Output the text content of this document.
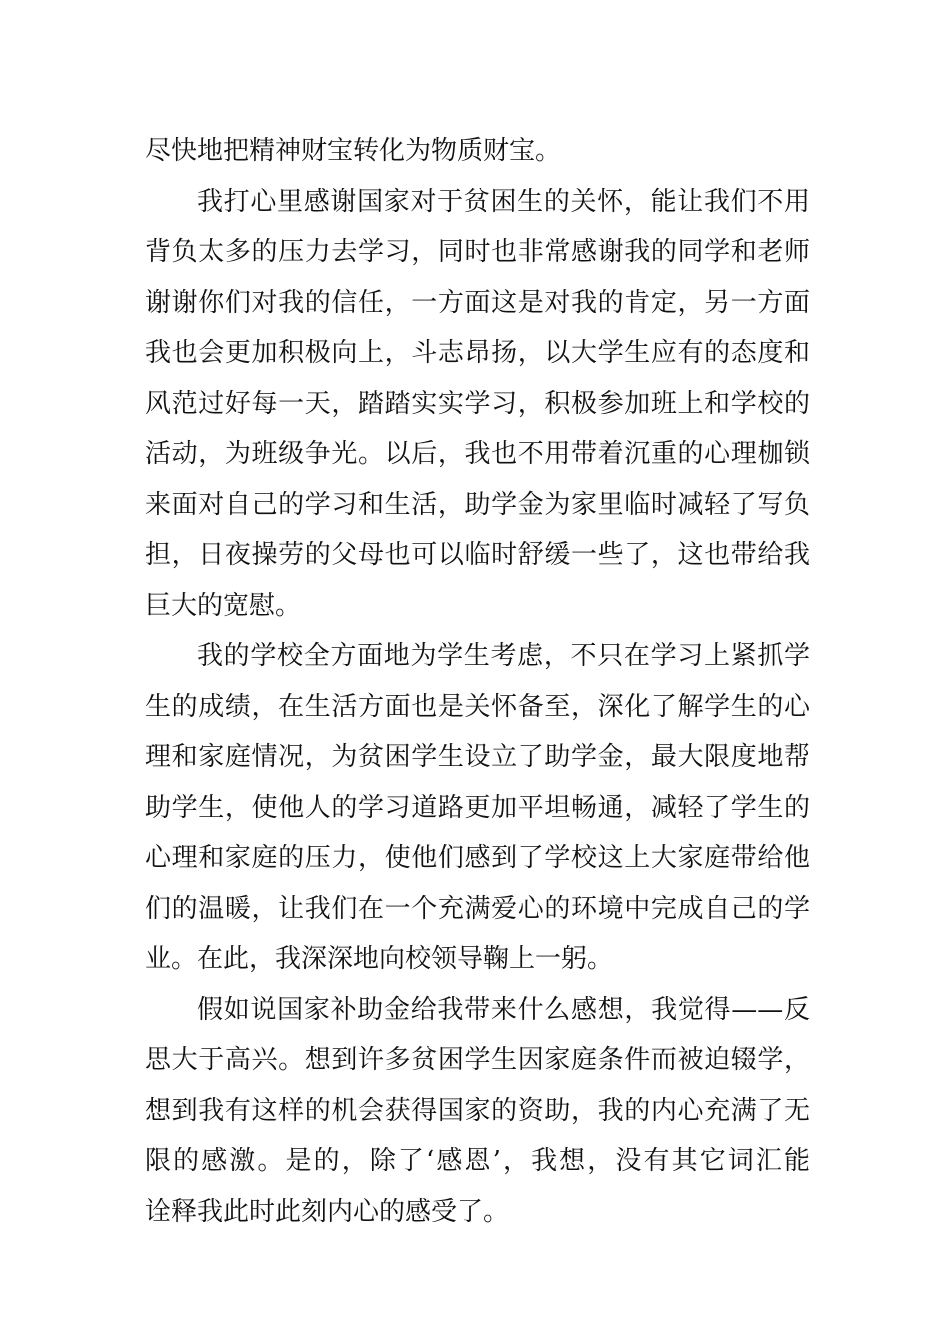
尽快地把精神财宝转化为物质财宝。
我打心里感谢国家对于贫困生的关怀，能让我们不用
背负太多的压力去学习，同时也非常感谢我的同学和老师
谢谢你们对我的信任，一方面这是对我的肯定，另一方面
我也会更加积极向上，斗志昂扬，以大学生应有的态度和
风范过好每一天，踏踏实实学习，积极参加班上和学校的
活动，为班级争光。以后，我也不用带着沉重的心理枷锁
来面对自己的学习和生活，助学金为家里临时减轻了写负
担，日夜操劳的父母也可以临时舒缓一些了，这也带给我
巨大的宽慰。
我的学校全方面地为学生考虑，不只在学习上紧抓学
生的成绩，在生活方面也是关怀备至，深化了解学生的心
理和家庭情况，为贫困学生设立了助学金，最大限度地帮
助学生，使他人的学习道路更加平坦畅通，减轻了学生的
心理和家庭的压力，使他们感到了学校这上大家庭带给他
们的温暖，让我们在一个充满爱心的环境中完成自己的学
业。在此，我深深地向校领导鞠上一躬。
假如说国家补助金给我带来什么感想，我觉得——反
思大于高兴。想到许多贫困学生因家庭条件而被迫辍学，
想到我有这样的机会获得国家的资助，我的内心充满了无
限的感激。是的，除了‘感恩’，我想，没有其它词汇能
诠释我此时此刻内心的感受了。
